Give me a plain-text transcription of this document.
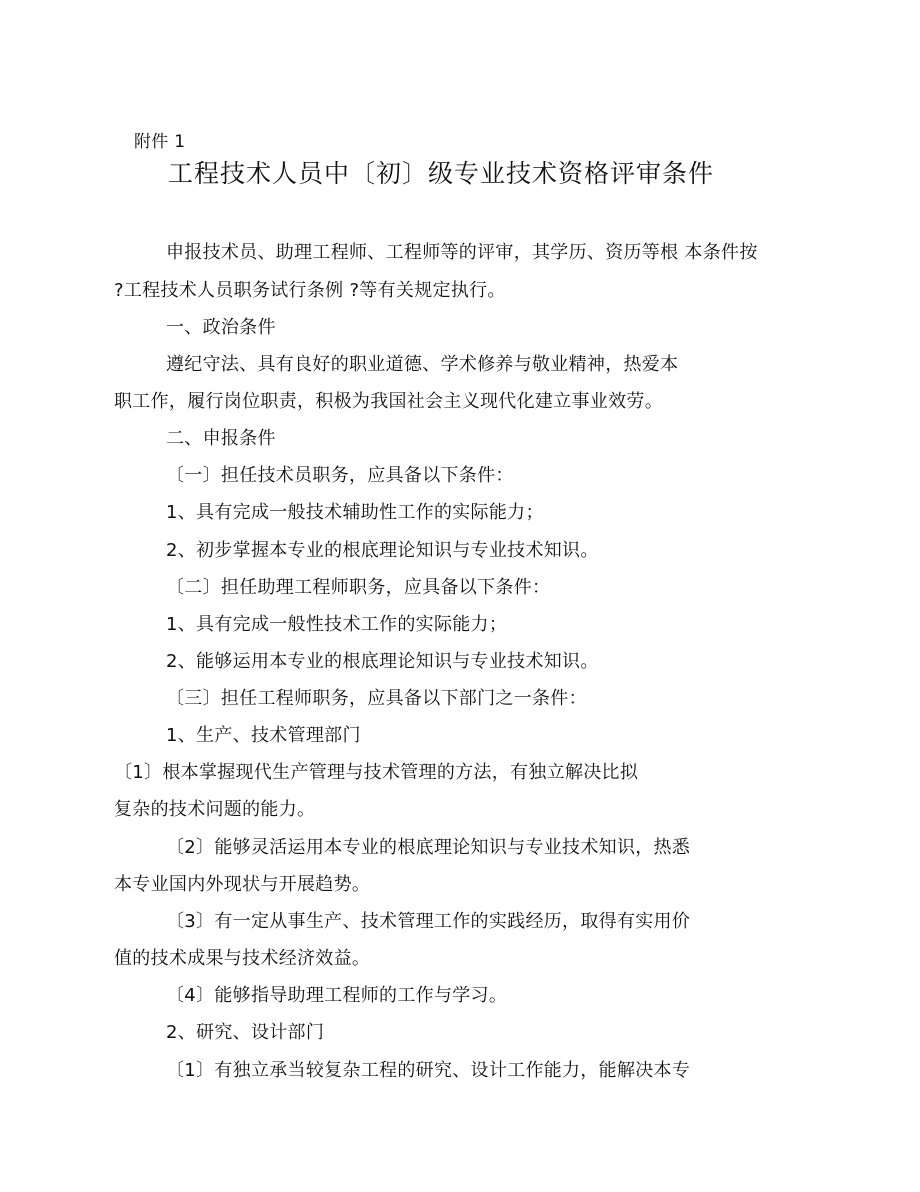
附件 1
工程技术人员中〔初〕级专业技术资格评审条件
申报技术员、助理工程师、工程师等的评审，其学历、资历等根 本条件按
?工程技术人员职务试行条例 ?等有关规定执行。
一、政治条件
遵纪守法、具有良好的职业道德、学术修养与敬业精神，热爱本
职工作，履行岗位职责，积极为我国社会主义现代化建立事业效劳。
二、申报条件
〔一〕担任技术员职务，应具备以下条件：
1、具有完成一般技术辅助性工作的实际能力；
2、初步掌握本专业的根底理论知识与专业技术知识。
〔二〕担任助理工程师职务，应具备以下条件：
1、具有完成一般性技术工作的实际能力；
2、能够运用本专业的根底理论知识与专业技术知识。
〔三〕担任工程师职务，应具备以下部门之一条件：
1、生产、技术管理部门
〔1〕根本掌握现代生产管理与技术管理的方法，有独立解决比拟
复杂的技术问题的能力。
〔2〕能够灵活运用本专业的根底理论知识与专业技术知识，热悉
本专业国内外现状与开展趋势。
〔3〕有一定从事生产、技术管理工作的实践经历，取得有实用价
值的技术成果与技术经济效益。
〔4〕能够指导助理工程师的工作与学习。
2、研究、设计部门
〔1〕有独立承当较复杂工程的研究、设计工作能力，能解决本专
